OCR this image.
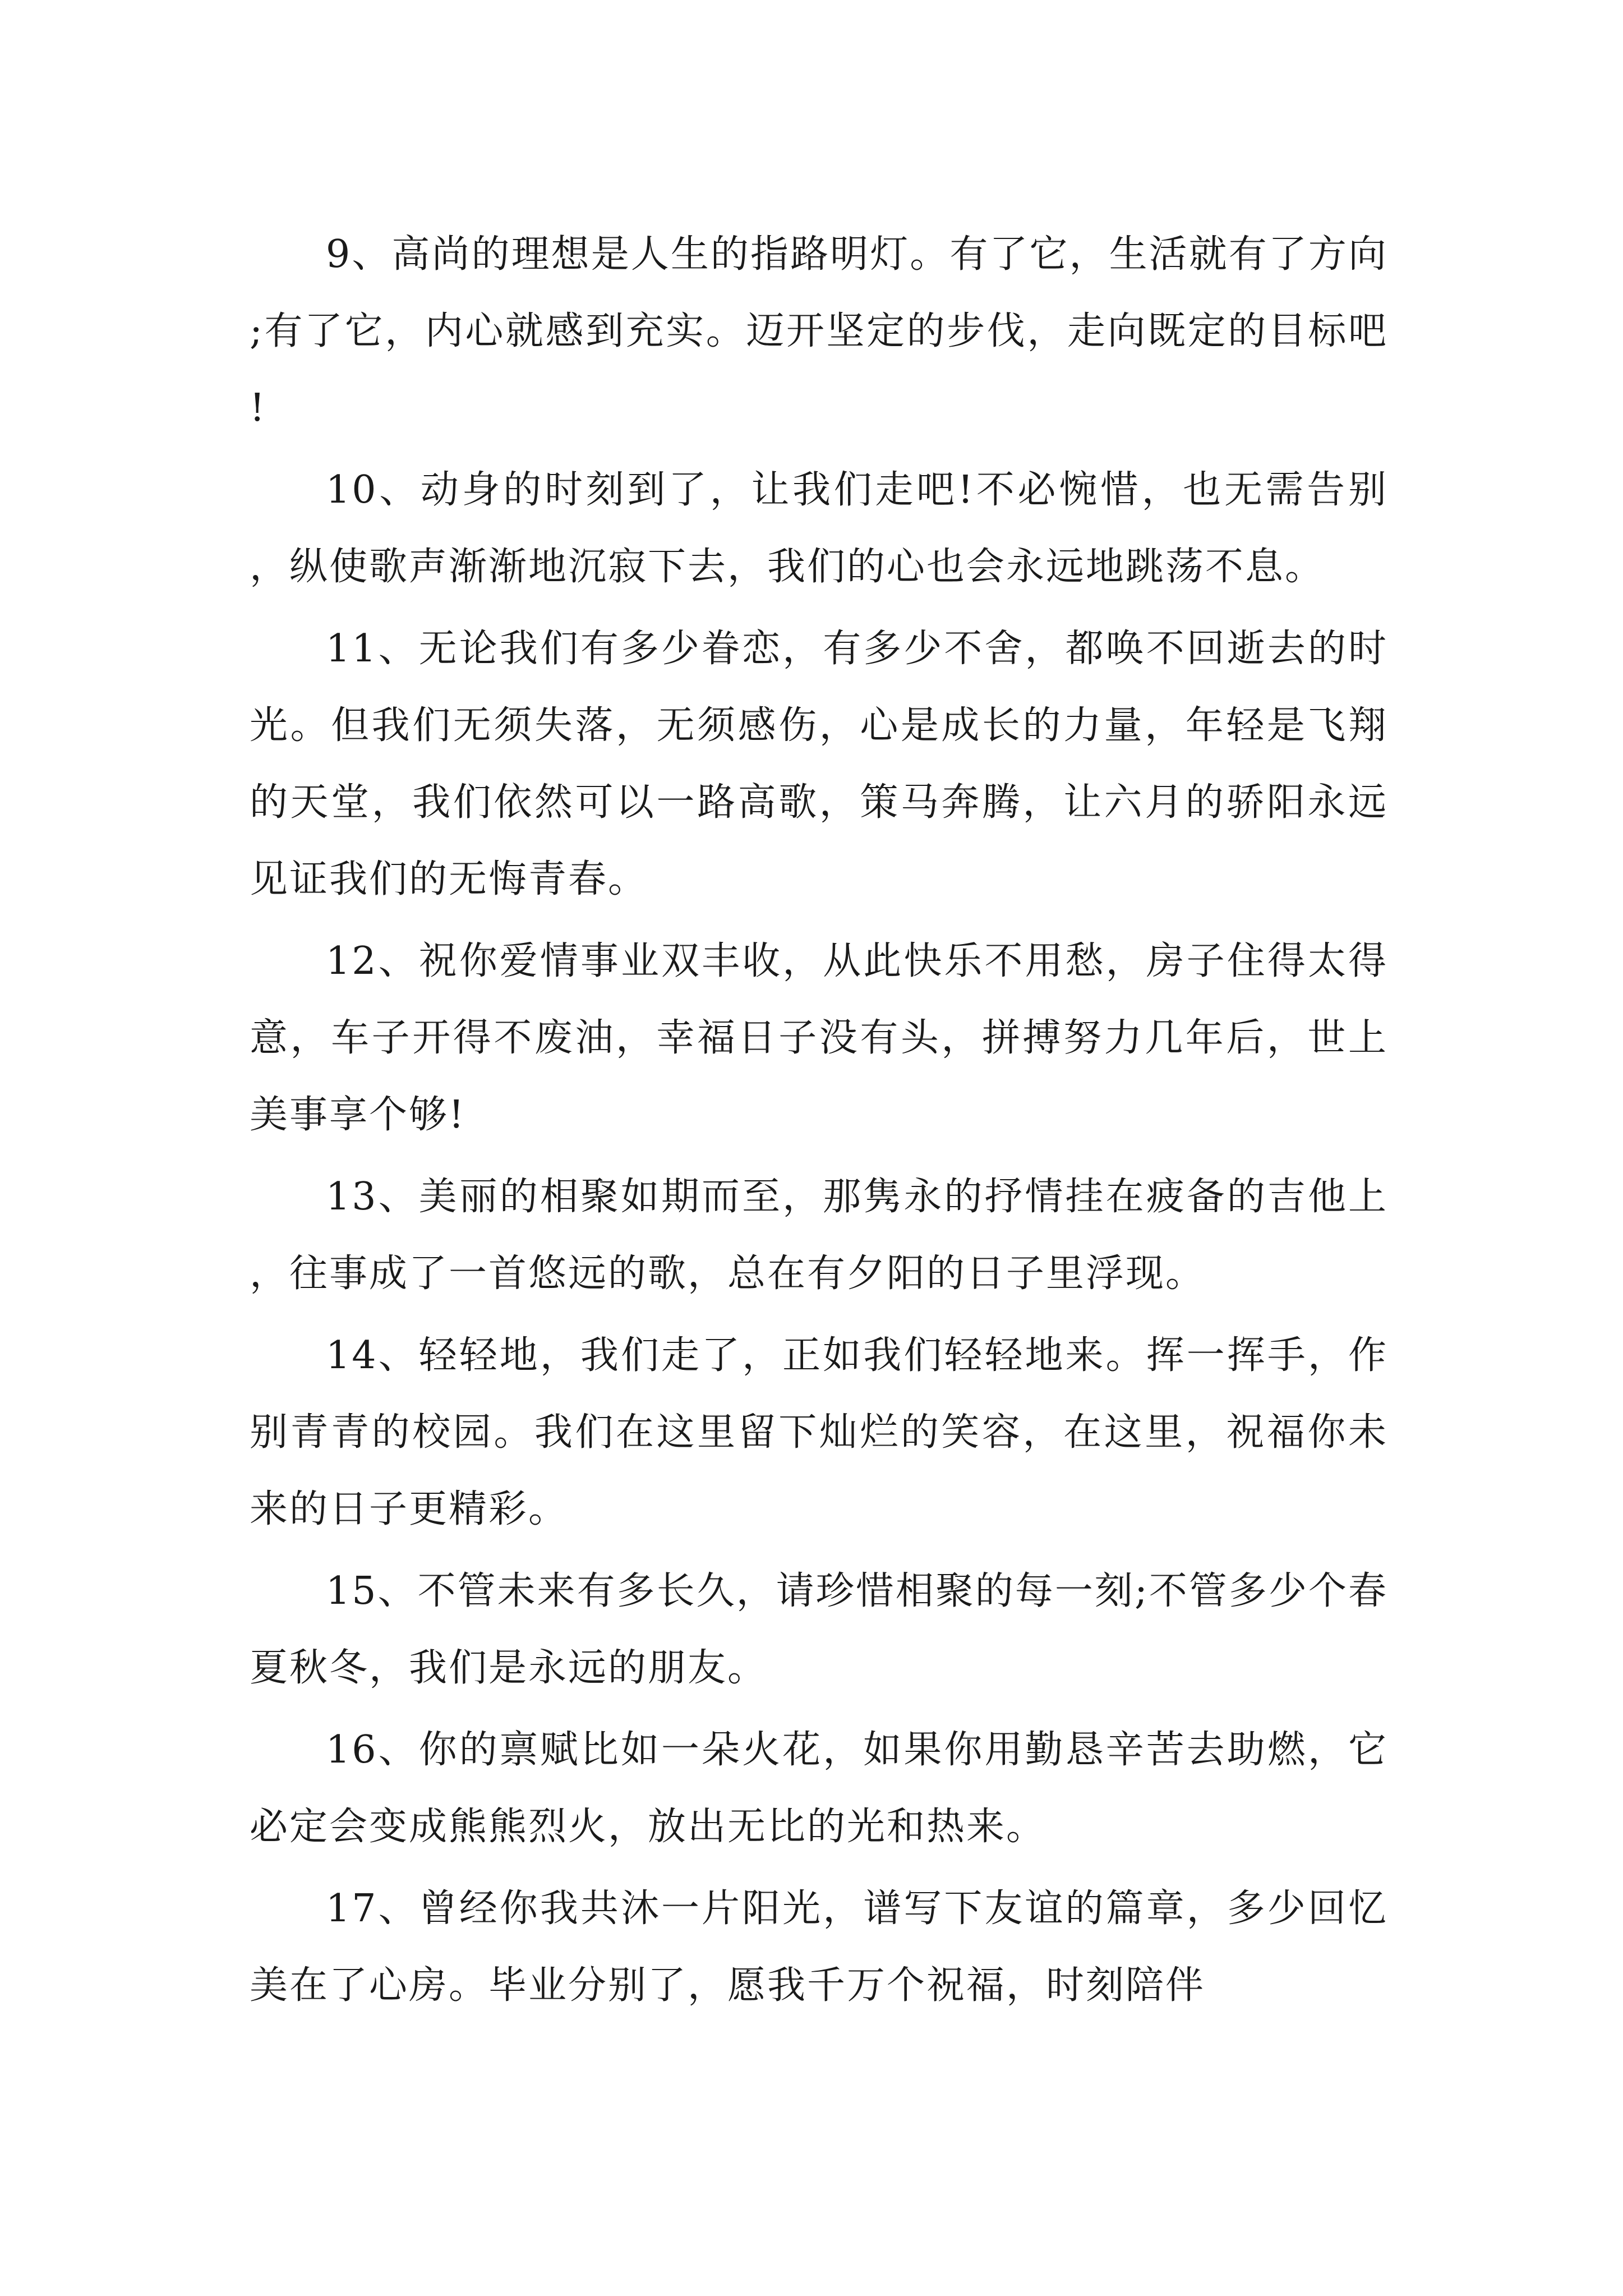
9、高尚的理想是人生的指路明灯。有了它，生活就有了方向;有了它，内心就感到充实。迈开坚定的步伐，走向既定的目标吧!

10、动身的时刻到了，让我们走吧!不必惋惜，也无需告别，纵使歌声渐渐地沉寂下去，我们的心也会永远地跳荡不息。

11、无论我们有多少眷恋，有多少不舍，都唤不回逝去的时光。但我们无须失落，无须感伤，心是成长的力量，年轻是飞翔的天堂，我们依然可以一路高歌，策马奔腾，让六月的骄阳永远见证我们的无悔青春。

12、祝你爱情事业双丰收，从此快乐不用愁，房子住得太得意，车子开得不废油，幸福日子没有头，拼搏努力几年后，世上美事享个够!

13、美丽的相聚如期而至，那隽永的抒情挂在疲备的吉他上，往事成了一首悠远的歌，总在有夕阳的日子里浮现。

14、轻轻地，我们走了，正如我们轻轻地来。挥一挥手，作别青青的校园。我们在这里留下灿烂的笑容，在这里，祝福你未来的日子更精彩。

15、不管未来有多长久，请珍惜相聚的每一刻;不管多少个春夏秋冬，我们是永远的朋友。

16、你的禀赋比如一朵火花，如果你用勤恳辛苦去助燃，它必定会变成熊熊烈火，放出无比的光和热来。

17、曾经你我共沐一片阳光，谱写下友谊的篇章，多少回忆美在了心房。毕业分别了，愿我千万个祝福，时刻陪伴
